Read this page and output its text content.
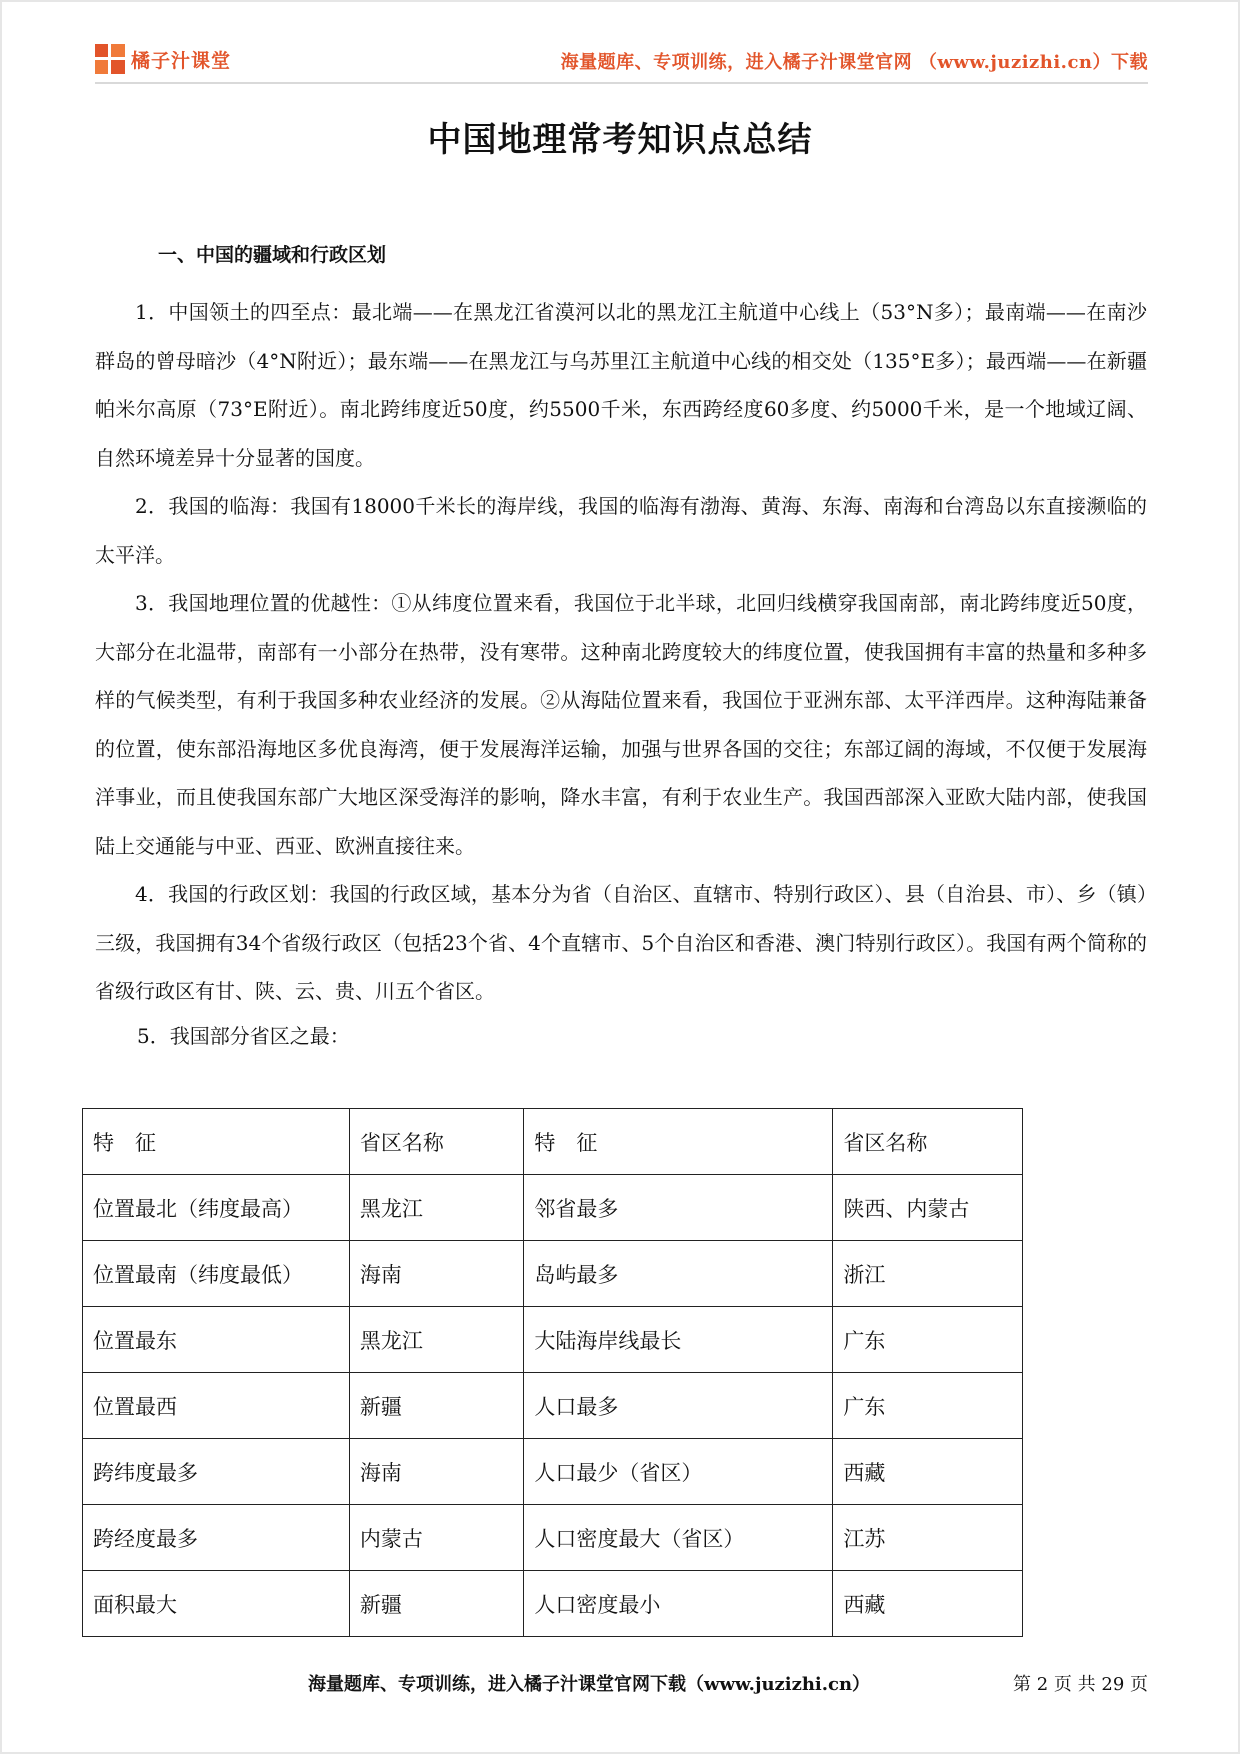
橘子汁课堂	海量题库、专项训练，进入橘子汁课堂官网 （www.juzizhi.cn）下载
中国地理常考知识点总结

一、中国的疆域和行政区划

1．中国领土的四至点：最北端——在黑龙江省漠河以北的黑龙江主航道中心线上（53°N多）；最南端——在南沙群岛的曾母暗沙（4°N附近）；最东端——在黑龙江与乌苏里江主航道中心线的相交处（135°E多）；最西端——在新疆帕米尔高原（73°E附近）。南北跨纬度近50度，约5500千米，东西跨经度60多度、约5000千米，是一个地域辽阔、自然环境差异十分显著的国度。

2．我国的临海：我国有18000千米长的海岸线，我国的临海有渤海、黄海、东海、南海和台湾岛以东直接濒临的太平洋。

3．我国地理位置的优越性：①从纬度位置来看，我国位于北半球，北回归线横穿我国南部，南北跨纬度近50度，大部分在北温带，南部有一小部分在热带，没有寒带。这种南北跨度较大的纬度位置，使我国拥有丰富的热量和多种多样的气候类型，有利于我国多种农业经济的发展。②从海陆位置来看，我国位于亚洲东部、太平洋西岸。这种海陆兼备的位置，使东部沿海地区多优良海湾，便于发展海洋运输，加强与世界各国的交往；东部辽阔的海域，不仅便于发展海洋事业，而且使我国东部广大地区深受海洋的影响，降水丰富，有利于农业生产。我国西部深入亚欧大陆内部，使我国陆上交通能与中亚、西亚、欧洲直接往来。

4．我国的行政区划：我国的行政区域，基本分为省（自治区、直辖市、特别行政区）、县（自治县、市）、乡（镇）三级，我国拥有34个省级行政区（包括23个省、4个直辖市、5个自治区和香港、澳门特别行政区）。我国有两个简称的省级行政区有甘、陕、云、贵、川五个省区。

5．我国部分省区之最：

特　征	省区名称	特　征	省区名称
位置最北（纬度最高）	黑龙江	邻省最多	陕西、内蒙古
位置最南（纬度最低）	海南	岛屿最多	浙江
位置最东	黑龙江	大陆海岸线最长	广东
位置最西	新疆	人口最多	广东
跨纬度最多	海南	人口最少（省区）	西藏
跨经度最多	内蒙古	人口密度最大（省区）	江苏
面积最大	新疆	人口密度最小	西藏
海量题库、专项训练，进入橘子汁课堂官网下载（www.juzizhi.cn）	第 2 页 共 29 页
